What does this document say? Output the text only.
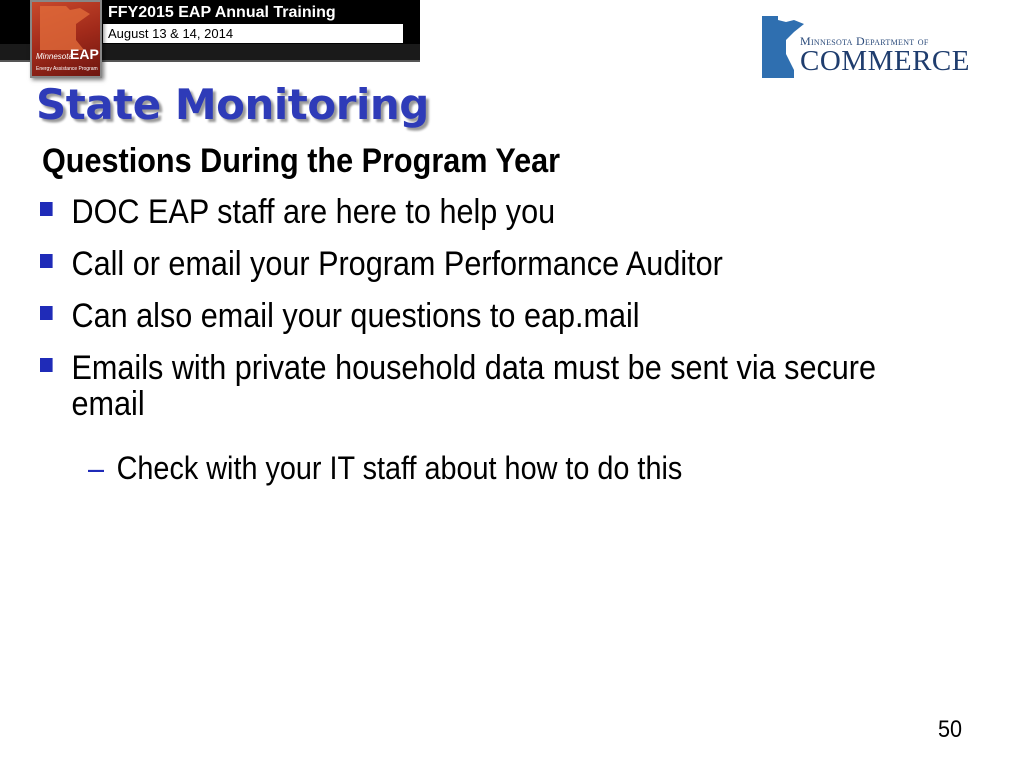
FFY2015 EAP Annual Training
August 13 & 14, 2014
Minnesota
EAP
Energy Assistance Program
Minnesota Department of
COMMERCE
State Monitoring
Questions During the Program Year
DOC EAP staff are here to help you
Call or email your Program Performance Auditor
Can also email your questions to eap.mail
Emails with private household data must be sent via secure email
– Check with your IT staff about how to do this
50
